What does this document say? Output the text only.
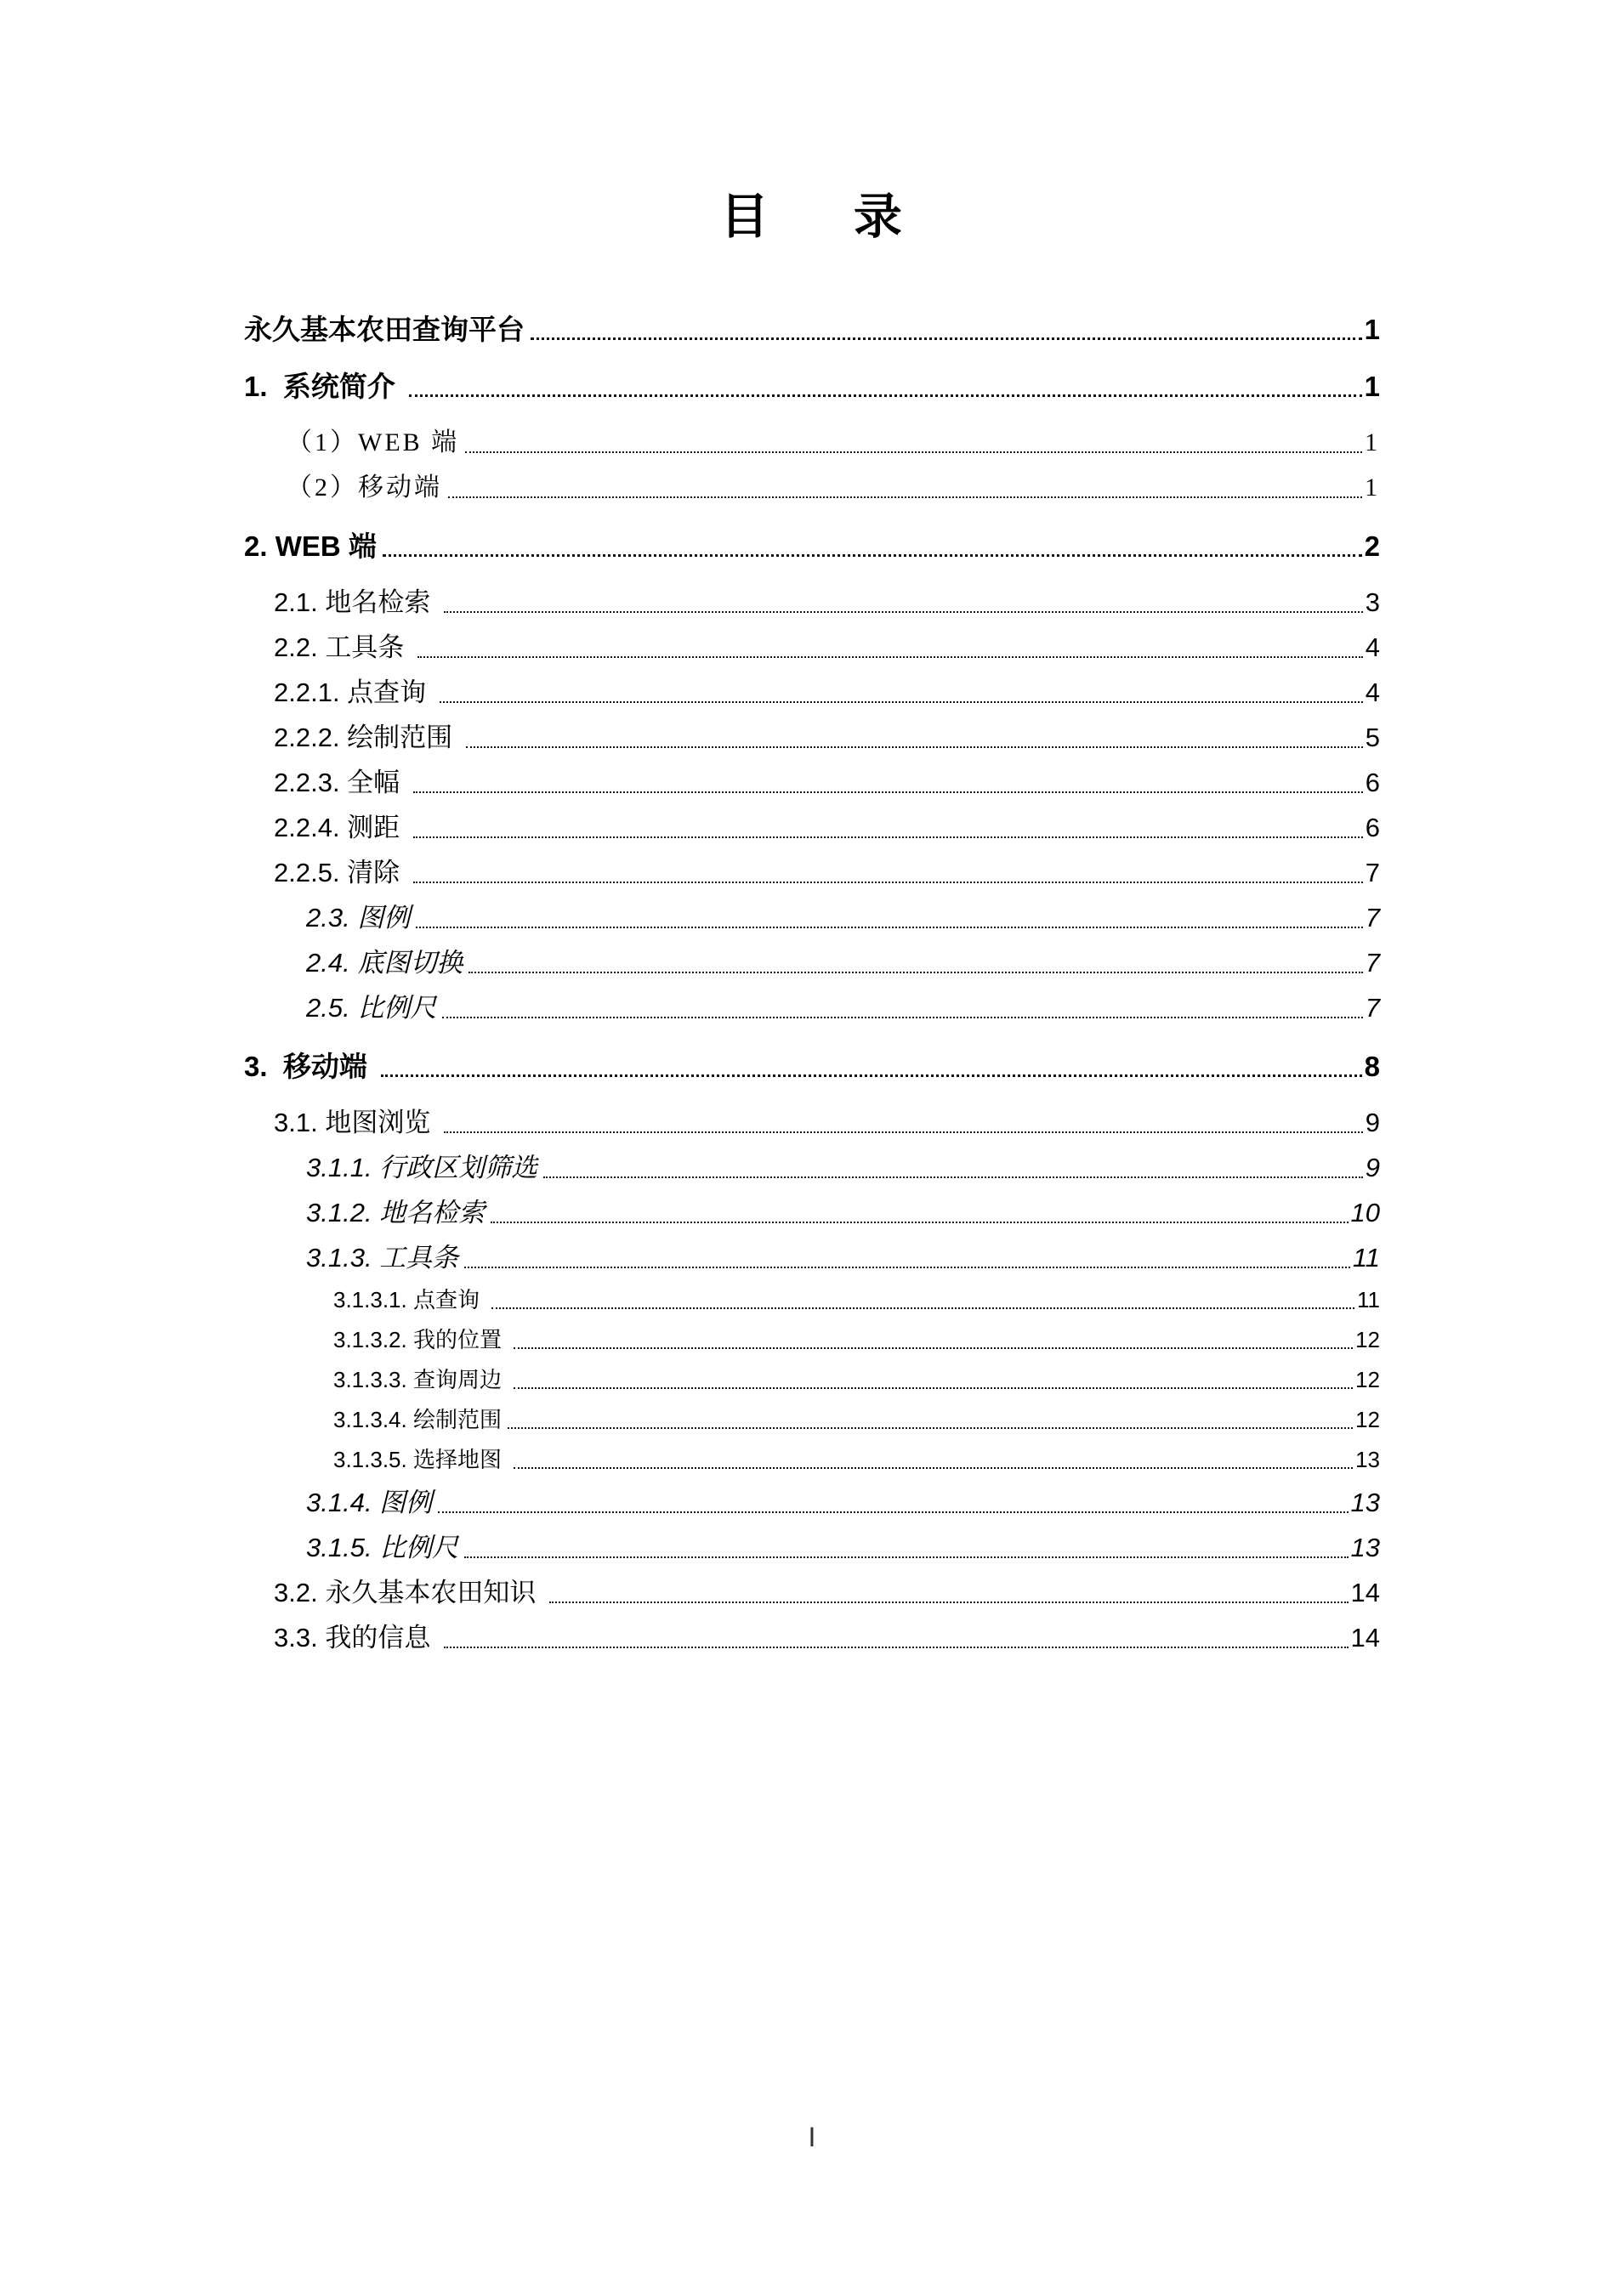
目 录
永久基本农田查询平台	1
1.  系统简介	1
（1）WEB 端	1
（2）移动端	1
2. WEB 端	2
2.1. 地名检索	3
2.2. 工具条	4
2.2.1. 点查询	4
2.2.2. 绘制范围	5
2.2.3. 全幅	6
2.2.4. 测距	6
2.2.5. 清除	7
2.3. 图例	7
2.4. 底图切换	7
2.5. 比例尺	7
3.  移动端	8
3.1. 地图浏览	9
3.1.1. 行政区划筛选	9
3.1.2. 地名检索	10
3.1.3. 工具条	11
3.1.3.1. 点查询	11
3.1.3.2. 我的位置	12
3.1.3.3. 查询周边	12
3.1.3.4. 绘制范围	12
3.1.3.5. 选择地图	13
3.1.4. 图例	13
3.1.5. 比例尺	13
3.2. 永久基本农田知识	14
3.3. 我的信息	14
I
